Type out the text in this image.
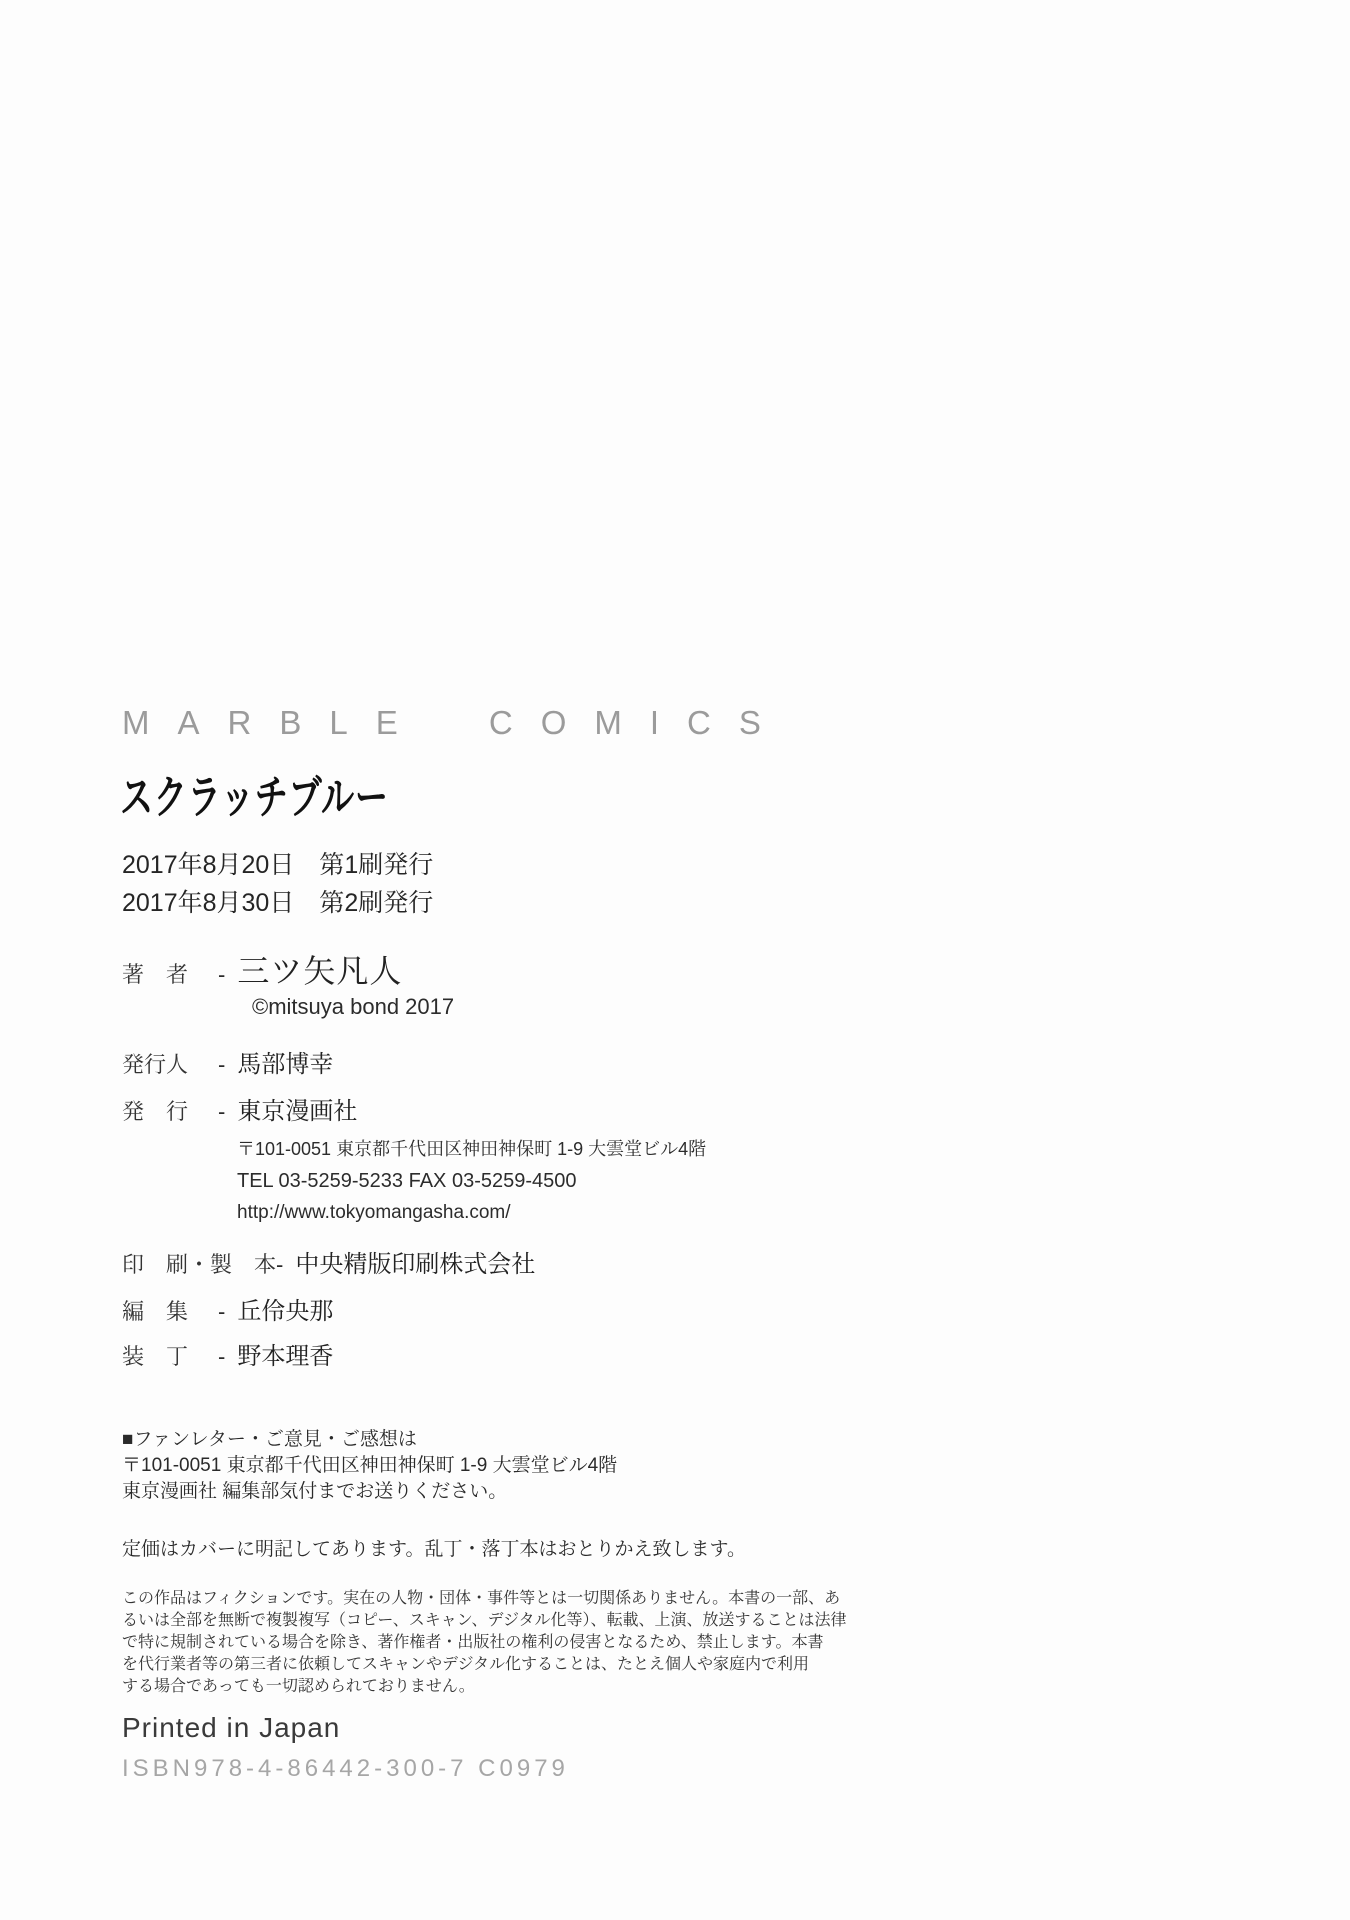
MARBLE COMICS
スクラッチブルー
2017年8月20日　第1刷発行
2017年8月30日　第2刷発行
著　者	- 三ツ矢凡人
©mitsuya bond 2017
発行人	- 馬部博幸
発　行	- 東京漫画社
〒101-0051 東京都千代田区神田神保町 1-9 大雲堂ビル4階
TEL 03-5259-5233 FAX 03-5259-4500
http://www.tokyomangasha.com/
印　刷・製　本 - 中央精版印刷株式会社
編　集	- 丘伶央那
装　丁	- 野本理香
■ファンレター・ご意見・ご感想は
〒101-0051 東京都千代田区神田神保町 1-9 大雲堂ビル4階
東京漫画社 編集部気付までお送りください。
定価はカバーに明記してあります。乱丁・落丁本はおとりかえ致します。
この作品はフィクションです。実在の人物・団体・事件等とは一切関係ありません。本書の一部、あ
るいは全部を無断で複製複写（コピー、スキャン、デジタル化等）、転載、上演、放送することは法律
で特に規制されている場合を除き、著作権者・出版社の権利の侵害となるため、禁止します。本書
を代行業者等の第三者に依頼してスキャンやデジタル化することは、たとえ個人や家庭内で利用
する場合であっても一切認められておりません。
Printed in Japan
ISBN978-4-86442-300-7 C0979
